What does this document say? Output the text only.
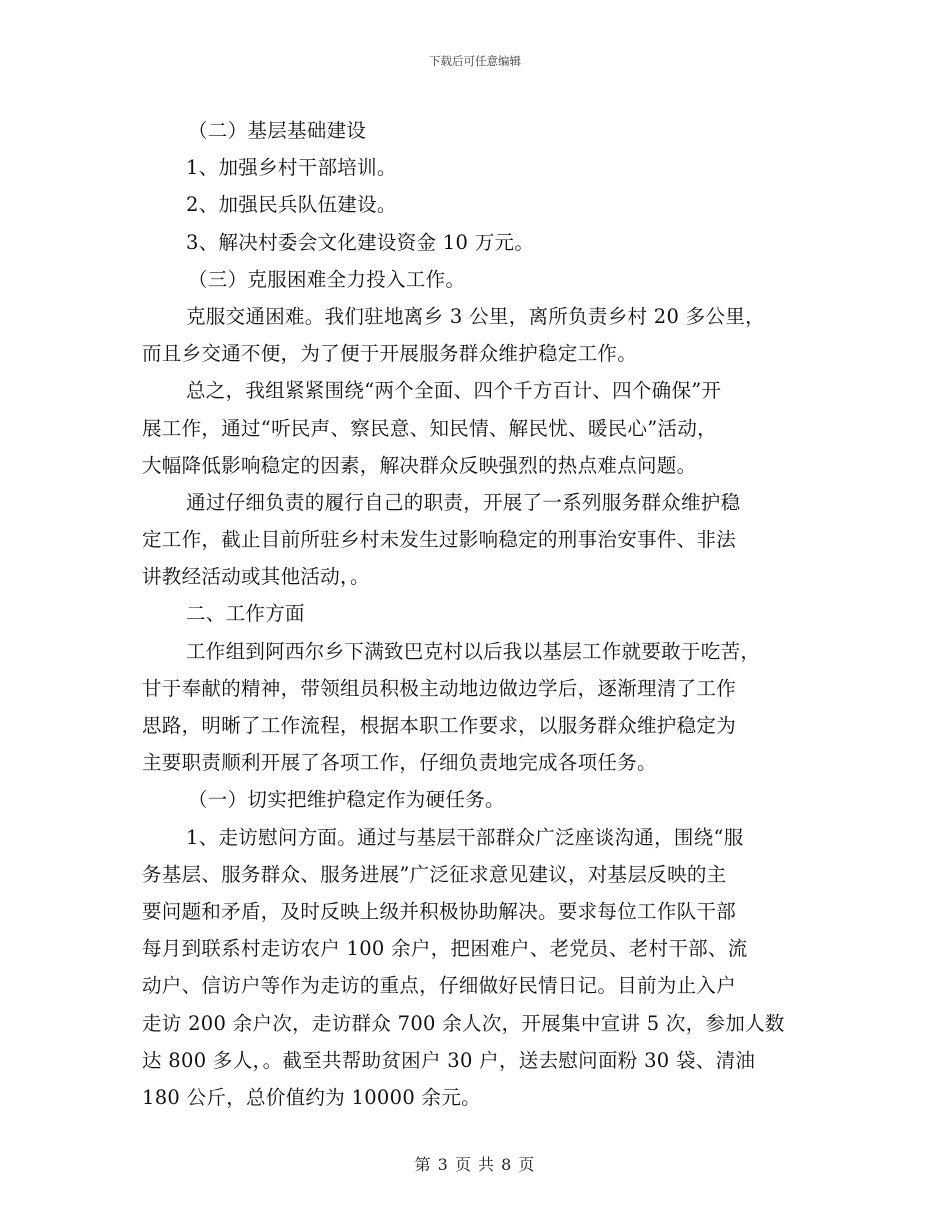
下载后可任意编辑
（二）基层基础建设
1、加强乡村干部培训。
2、加强民兵队伍建设。
3、解决村委会文化建设资金 10 万元。
（三）克服困难全力投入工作。
克服交通困难。我们驻地离乡 3 公里，离所负责乡村 20 多公里，
而且乡交通不便，为了便于开展服务群众维护稳定工作。
总之，我组紧紧围绕“两个全面、四个千方百计、四个确保”开
展工作，通过“听民声、察民意、知民情、解民忧、暖民心”活动，
大幅降低影响稳定的因素，解决群众反映强烈的热点难点问题。
通过仔细负责的履行自己的职责，开展了一系列服务群众维护稳
定工作，截止目前所驻乡村未发生过影响稳定的刑事治安事件、非法
讲教经活动或其他活动，。
二、工作方面
工作组到阿西尔乡下满致巴克村以后我以基层工作就要敢于吃苦，
甘于奉献的精神，带领组员积极主动地边做边学后，逐渐理清了工作
思路，明晰了工作流程，根据本职工作要求，以服务群众维护稳定为
主要职责顺利开展了各项工作，仔细负责地完成各项任务。
（一）切实把维护稳定作为硬任务。
1、走访慰问方面。通过与基层干部群众广泛座谈沟通，围绕“服
务基层、服务群众、服务进展”广泛征求意见建议，对基层反映的主
要问题和矛盾，及时反映上级并积极协助解决。要求每位工作队干部
每月到联系村走访农户 100 余户，把困难户、老党员、老村干部、流
动户、信访户等作为走访的重点，仔细做好民情日记。目前为止入户
走访 200 余户次，走访群众 700 余人次，开展集中宣讲 5 次，参加人数
达 800 多人，。截至共帮助贫困户 30 户，送去慰问面粉 30 袋、清油
180 公斤，总价值约为 10000 余元。
第 3 页 共 8 页
